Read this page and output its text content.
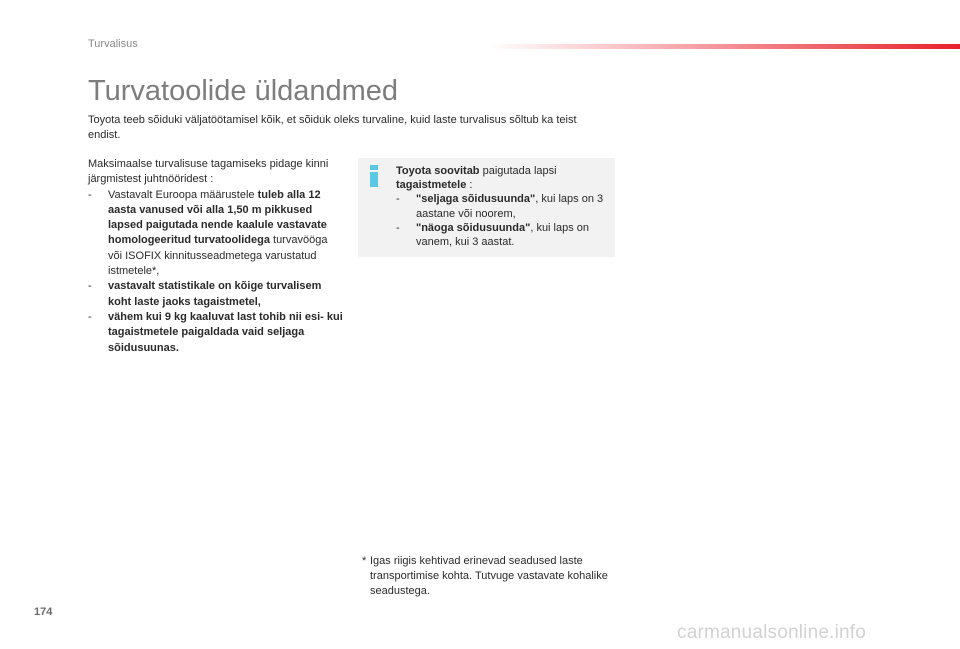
Turvalisus
Turvatoolide üldandmed

Toyota teeb sõiduki väljatöötamisel kõik, et sõiduk oleks turvaline, kuid laste turvalisus sõltub ka teist endist.

Maksimaalse turvalisuse tagamiseks pidage kinni järgmistest juhtnööridest :

- Vastavalt Euroopa määrustele tuleb alla 12 aasta vanused või alla 1,50 m pikkused lapsed paigutada nende kaalule vastavate homologeeritud turvatoolidega turvavööga või ISOFIX kinnitusseadmetega varustatud istmetele*,
- vastavalt statistikale on kõige turvalisem koht laste jaoks tagaistmetel,
- vähem kui 9 kg kaaluvat last tohib nii esi- kui tagaistmetele paigaldada vaid seljaga sõidusuunas.

Toyota soovitab paigutada lapsi tagaistmetele :

- "seljaga sõidusuunda", kui laps on 3 aastane või noorem,
- "näoga sõidusuunda", kui laps on vanem, kui 3 aastat.
* Igas riigis kehtivad erinevad seadused laste transportimise kohta. Tutvuge vastavate kohalike seadustega.
174
carmanualsonline.info
